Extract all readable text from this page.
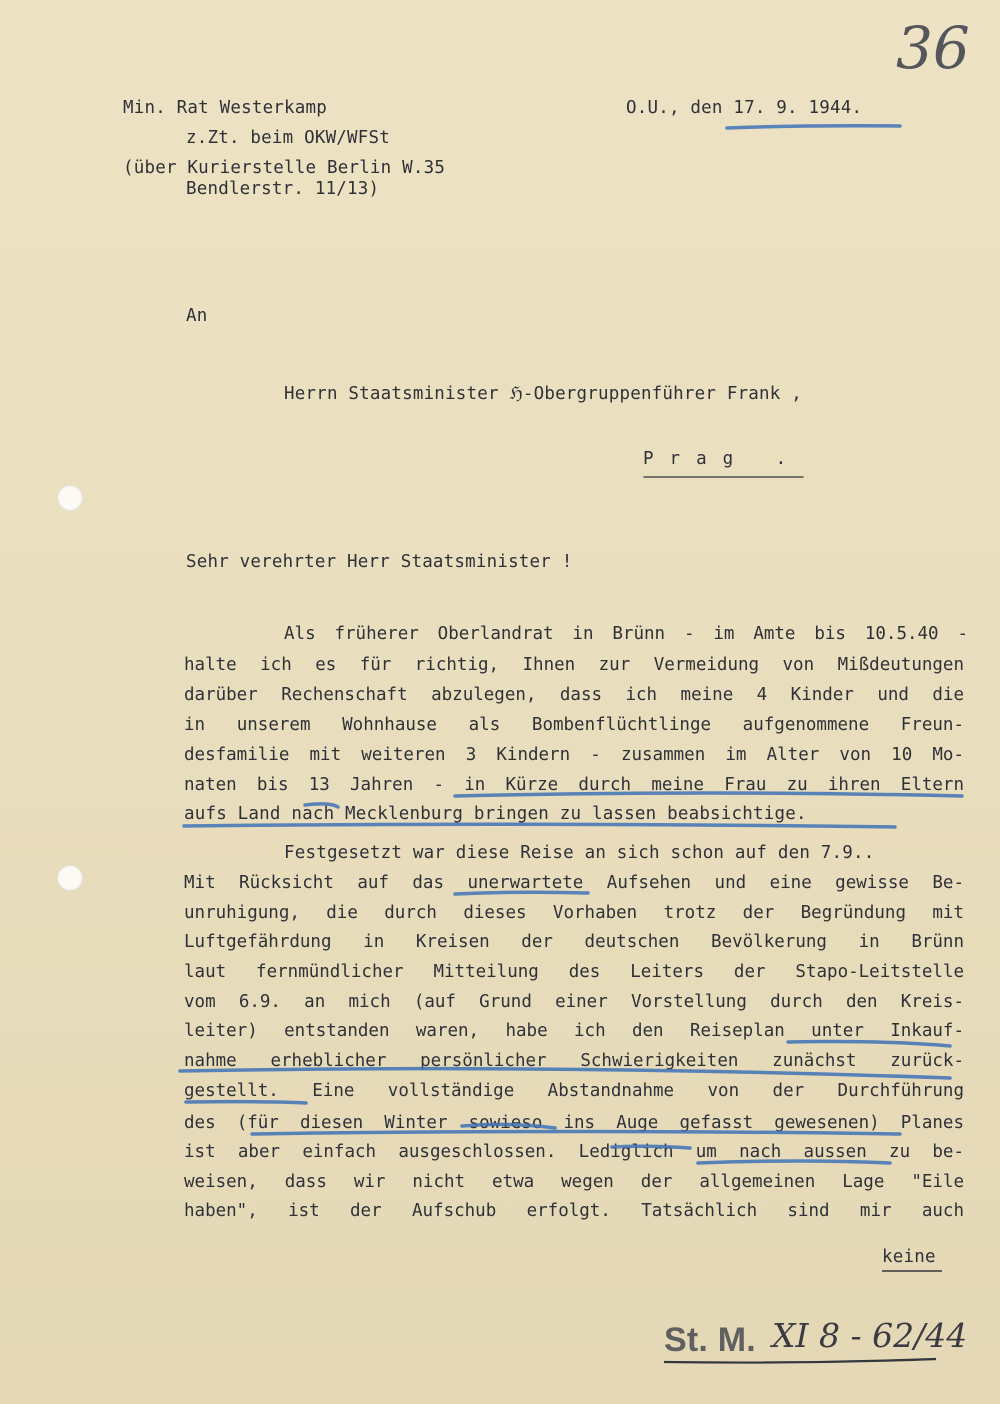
36
Min. Rat Westerkamp
z.Zt. beim OKW/WFSt
(über Kurierstelle Berlin W.35
Bendlerstr. 11/13)
O.U., den 17. 9. 1944.
An
Herrn Staatsminister ℌ-Obergruppenführer Frank ,
Prag .
Sehr verehrter Herr Staatsminister !
Als früherer Oberlandrat in Brünn - im Amte bis 10.5.40 -
halte ich es für richtig, Ihnen zur Vermeidung von Mißdeutungen
darüber Rechenschaft abzulegen, dass ich meine 4 Kinder und die
in unserem Wohnhause als Bombenflüchtlinge aufgenommene Freun-
desfamilie mit weiteren 3 Kindern - zusammen im Alter von 10 Mo-
naten bis 13 Jahren - in Kürze durch meine Frau zu ihren Eltern
aufs Land nach Mecklenburg bringen zu lassen beabsichtige.
Festgesetzt war diese Reise an sich schon auf den 7.9..
Mit Rücksicht auf das unerwartete Aufsehen und eine gewisse Be-
unruhigung, die durch dieses Vorhaben trotz der Begründung mit
Luftgefährdung in Kreisen der deutschen Bevölkerung in Brünn
laut fernmündlicher Mitteilung des Leiters der Stapo-Leitstelle
vom 6.9. an mich (auf Grund einer Vorstellung durch den Kreis-
leiter) entstanden waren, habe ich den Reiseplan unter Inkauf-
nahme erheblicher persönlicher Schwierigkeiten zunächst zurück-
gestellt. Eine vollständige Abstandnahme von der Durchführung
des (für diesen Winter sowieso ins Auge gefasst gewesenen) Planes
ist aber einfach ausgeschlossen. Lediglich um nach aussen zu be-
weisen, dass wir nicht etwa wegen der allgemeinen Lage "Eile
haben", ist der Aufschub erfolgt. Tatsächlich sind mir auch
keine
St. M. XI 8 - 62/44
